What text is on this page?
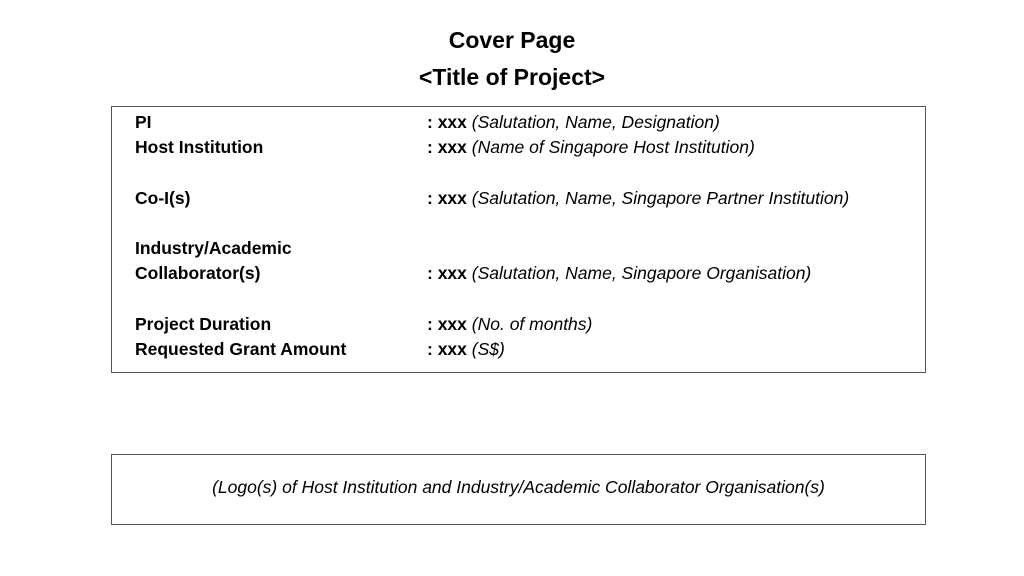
Cover Page
<Title of Project>
PI	: xxx (Salutation, Name, Designation)
Host Institution	: xxx (Name of Singapore Host Institution)
Co-I(s)	: xxx (Salutation, Name, Singapore Partner Institution)
Industry/Academic
Collaborator(s)	: xxx (Salutation, Name, Singapore Organisation)
Project Duration	: xxx (No. of months)
Requested Grant Amount	: xxx (S$)
(Logo(s) of Host Institution and Industry/Academic Collaborator Organisation(s)
